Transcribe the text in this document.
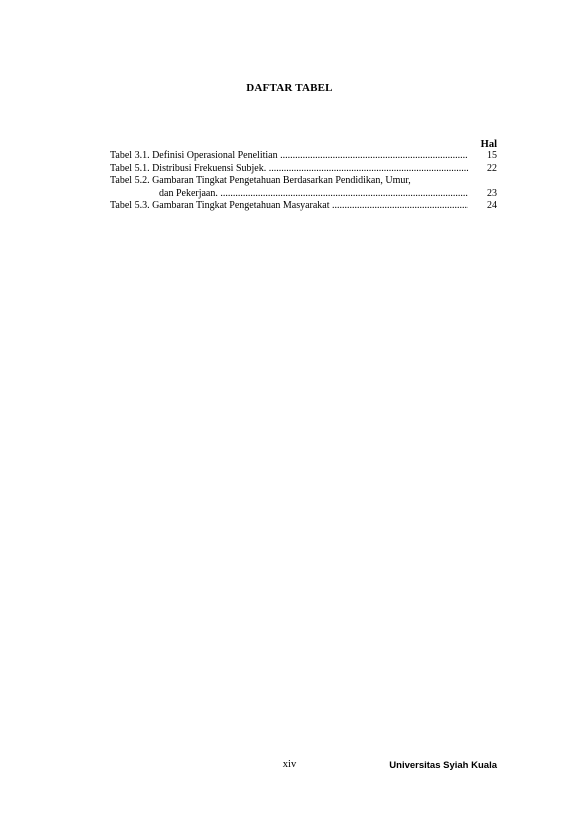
DAFTAR TABEL
Hal
Tabel 3.1. Definisi Operasional Penelitian .....	15
Tabel 5.1. Distribusi Frekuensi Subjek. .....	22
Tabel 5.2. Gambaran Tingkat Pengetahuan Berdasarkan Pendidikan, Umur,
dan Pekerjaan. .....	23
Tabel 5.3. Gambaran Tingkat Pengetahuan Masyarakat .....	24
xiv	Universitas Syiah Kuala
